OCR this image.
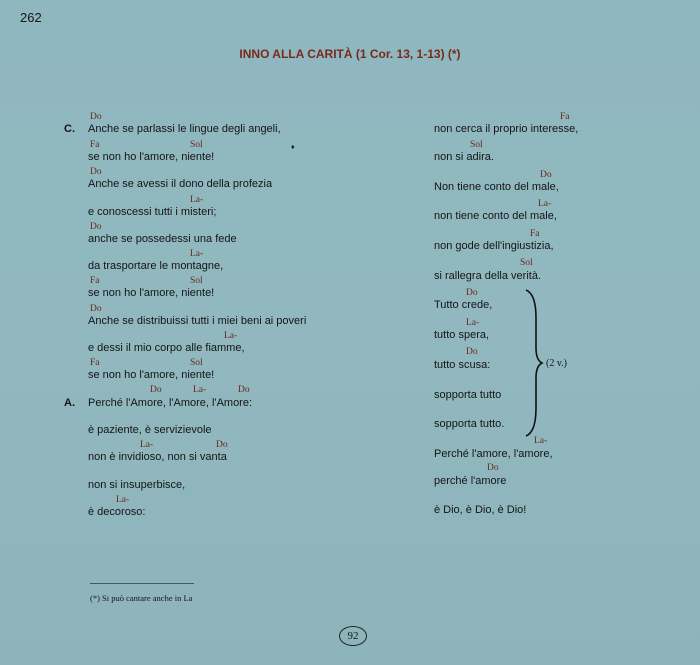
262
INNO ALLA CARITÀ (1 Cor. 13, 1-13) (*)
C.
Do
Anche se parlassi le lingue degli angeli,
Fa	Sol
se non ho l'amore, niente!
♦
Do
Anche se avessi il dono della profezia
La-
e conoscessi tutti i misteri;
Do
anche se possedessi una fede
La-
da trasportare le montagne,
Fa	Sol
se non ho l'amore, niente!
Do
Anche se distribuissi tutti i miei beni ai poveri
La-
e dessi il mio corpo alle fiamme,
Fa	Sol
se non ho l'amore, niente!
A.
Do	La-	Do
Perché l'Amore, l'Amore, l'Amore:
è paziente, è servizievole
La-	Do
non è invidioso, non si vanta
non si insuperbisce,
La-
è decoroso:
Fa
non cerca il proprio interesse,
Sol
non si adira.
Do
Non tiene conto del male,
La-
non tiene conto del male,
Fa
non gode dell'ingiustizia,
Sol
si rallegra della verità.
Do
Tutto crede,
La-
tutto spera,
Do
tutto scusa:
sopporta tutto
sopporta tutto.
La-
Perché l'amore, l'amore,
Do
perché l'amore
è Dio, è Dio, è Dio!
(2 v.)
(*) Si può cantare anche in La
92
